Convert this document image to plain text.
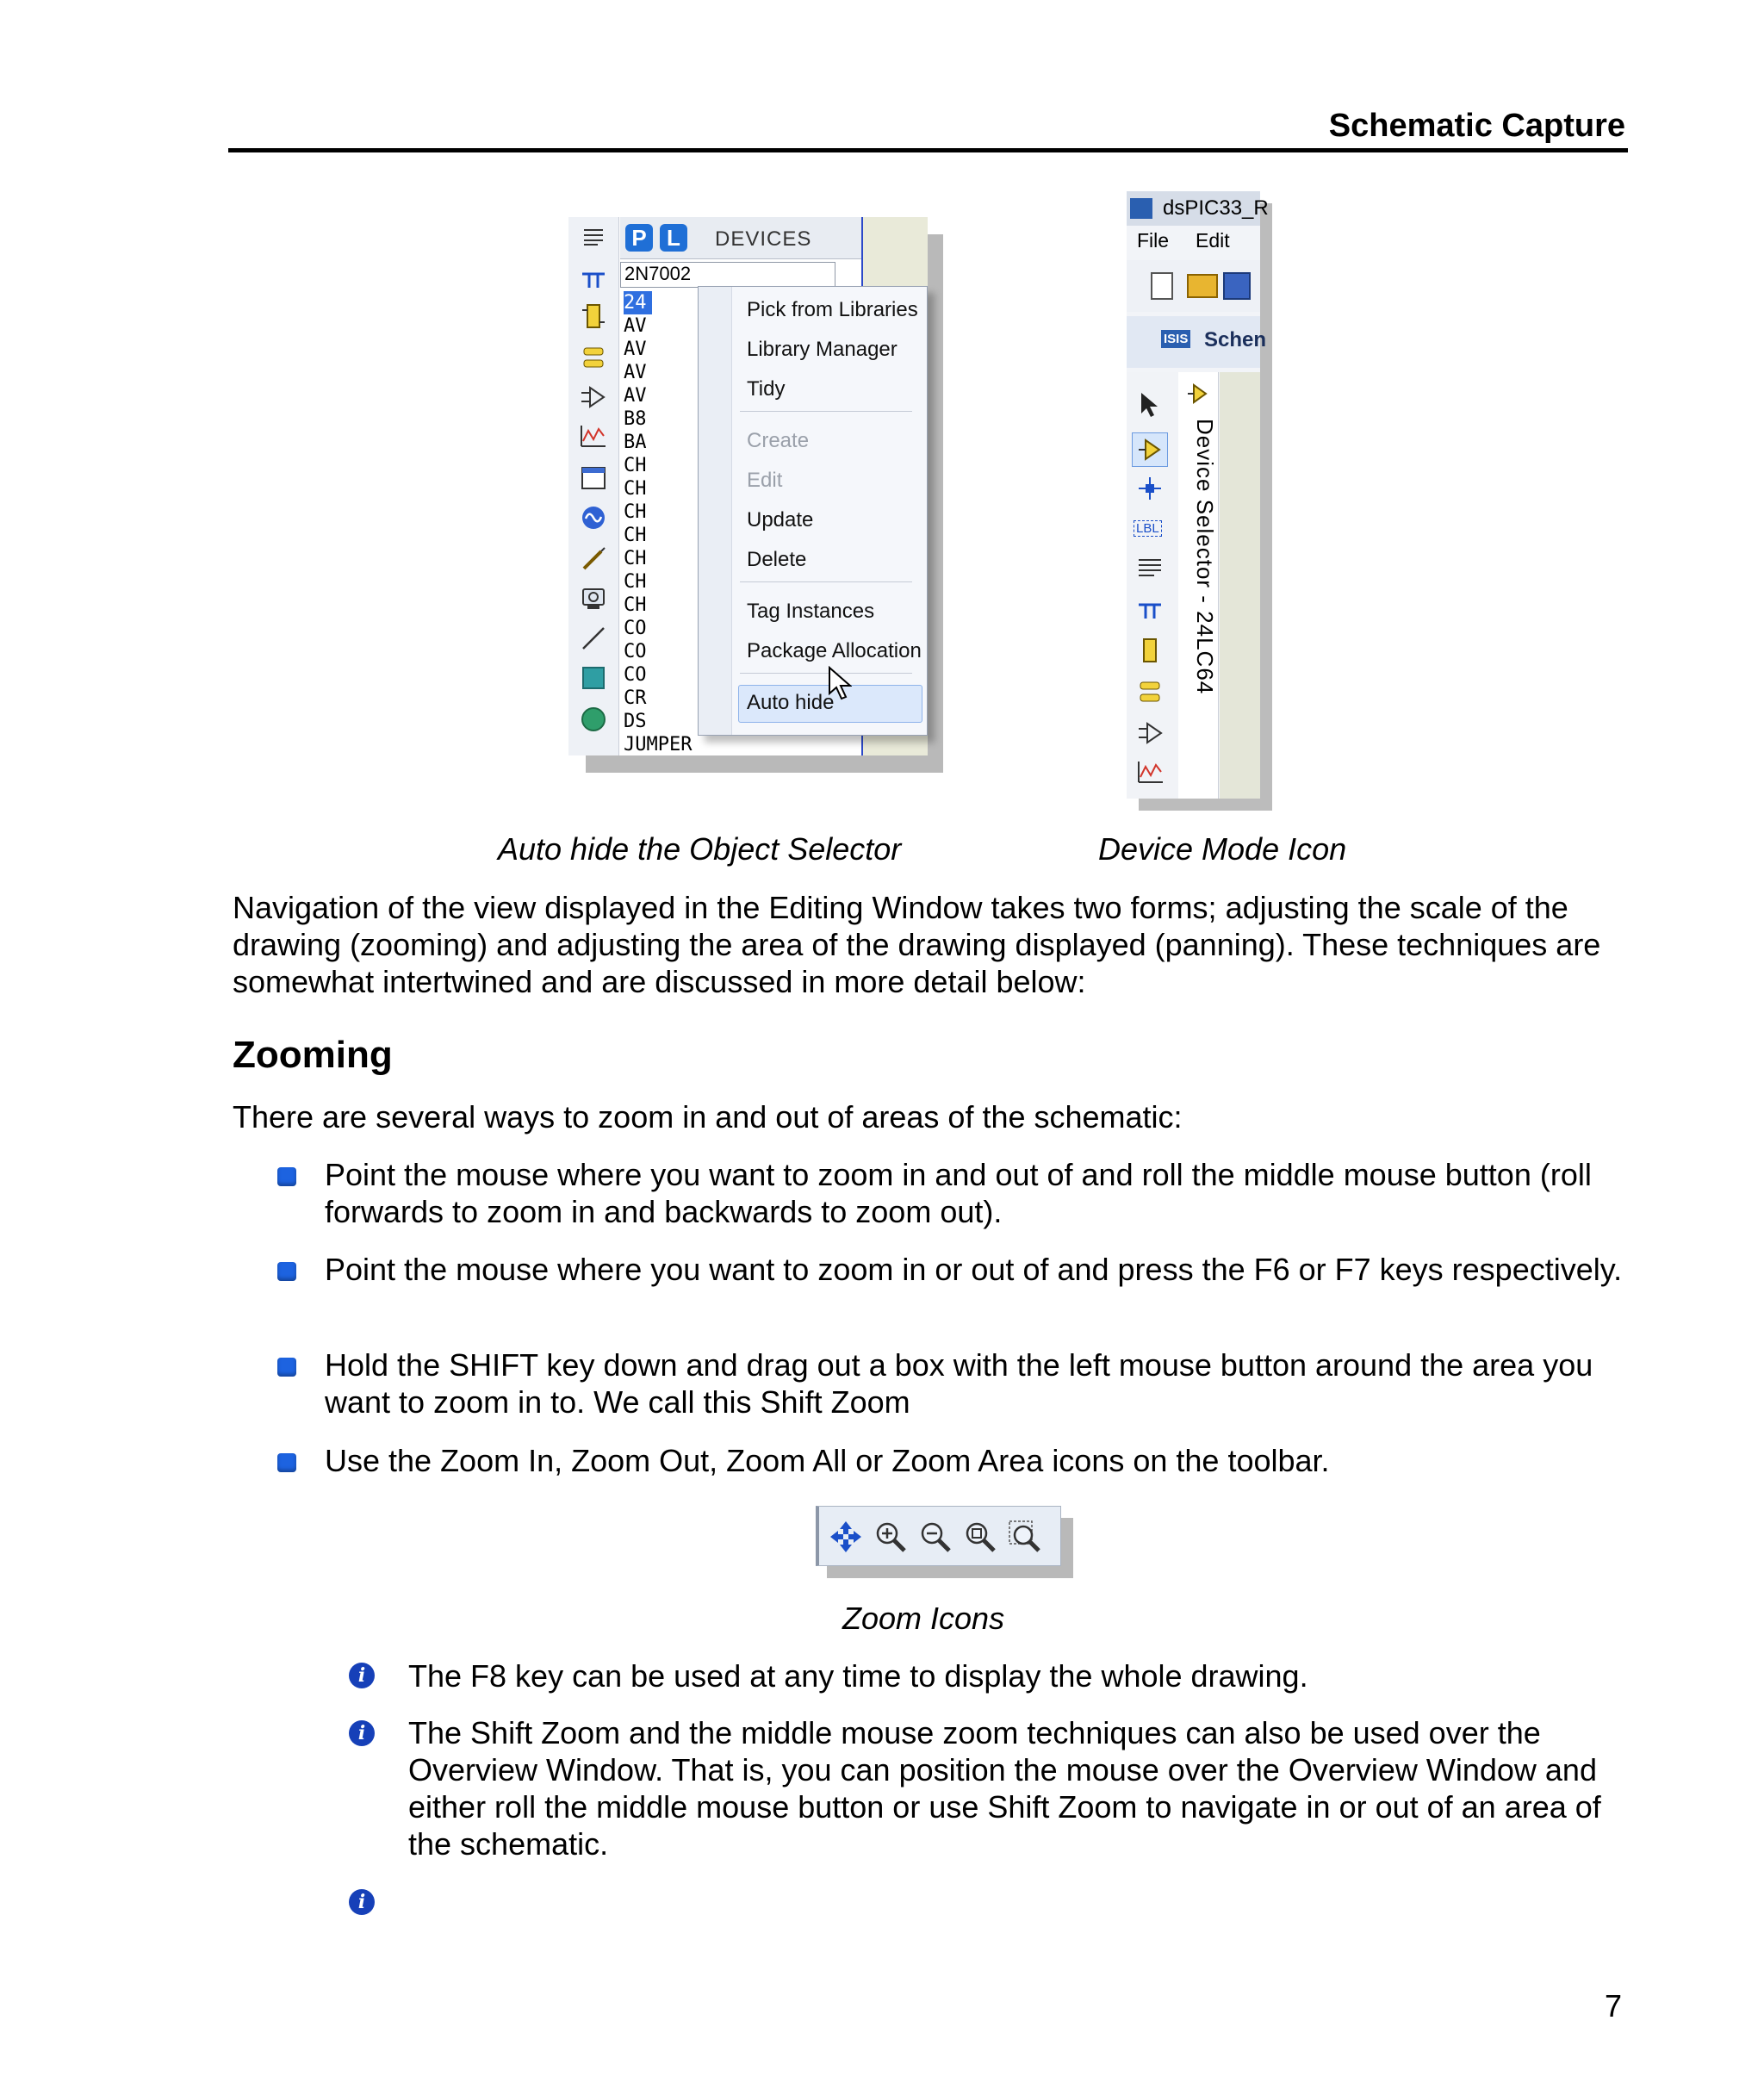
Schematic Capture
P L	DEVICES
2N7002
24
AV
AV
AV
AV
B8
BA
CH
CH
CH
CH
CH
CH
CH
CO
CO
CO
CR
DS
JUMPER
Pick from Libraries
Library Manager
Tidy
Create
Edit
Update
Delete
Tag Instances
Package Allocation
Auto hide
dsPIC33_R
File Edit
ISIS Schen
LBL Device Selector - 24LC64
Auto hide the Object Selector	Device Mode Icon
Navigation of the view displayed in the Editing Window takes two forms; adjusting the scale of the drawing (zooming) and adjusting the area of the drawing displayed (panning). These techniques are somewhat intertwined and are discussed in more detail below:
Zooming
There are several ways to zoom in and out of areas of the schematic:
Point the mouse where you want to zoom in and out of and roll the middle mouse button (roll forwards to zoom in and backwards to zoom out).
Point the mouse where you want to zoom in or out of and press the F6 or F7 keys respectively.
Hold the SHIFT key down and drag out a box with the left mouse button around the area you want to zoom in to. We call this Shift Zoom
Use the Zoom In, Zoom Out, Zoom All or Zoom Area icons on the toolbar.
Zoom Icons
i	The F8 key can be used at any time to display the whole drawing.
i	The Shift Zoom and the middle mouse zoom techniques can also be used over the Overview Window. That is, you can position the mouse over the Overview Window and either roll the middle mouse button or use Shift Zoom to navigate in or out of an area of the schematic.
i
7
